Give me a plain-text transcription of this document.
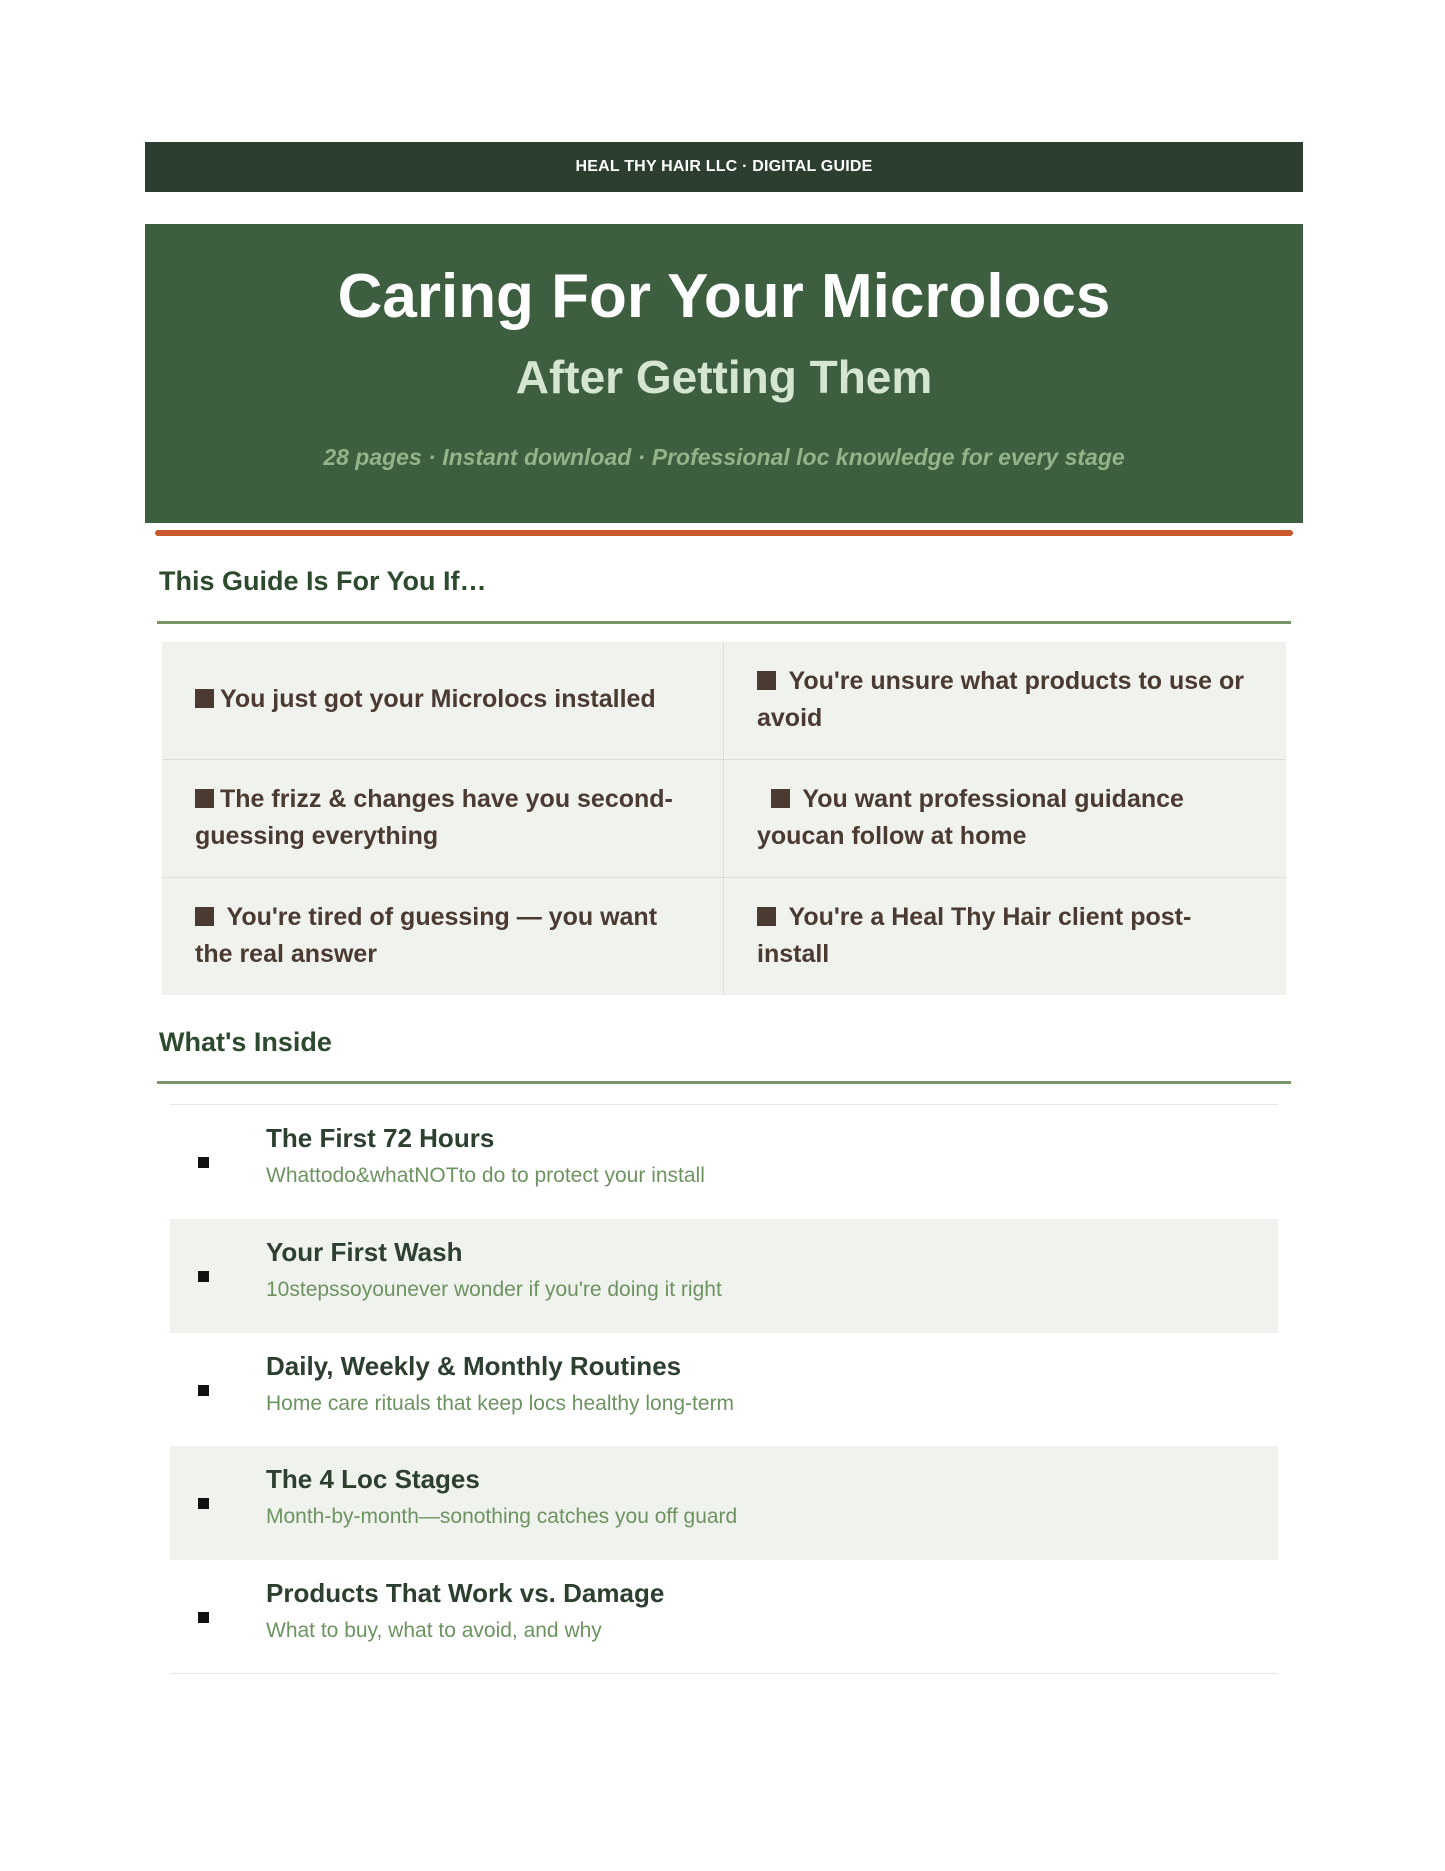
HEAL THY HAIR LLC · DIGITAL GUIDE
Caring For Your Microlocs
After Getting Them
28 pages · Instant download · Professional loc knowledge for every stage
This Guide Is For You If…
You just got your Microlocs installed
You're unsure what products to use or avoid
The frizz & changes have you second-guessing everything
You want professional guidance youcan follow at home
You're tired of guessing — you want the real answer
You're a Heal Thy Hair client post-install
What's Inside
The First 72 Hours
Whattodo&whatNOTto do to protect your install
Your First Wash
10stepssoyounever wonder if you're doing it right
Daily, Weekly & Monthly Routines
Home care rituals that keep locs healthy long-term
The 4 Loc Stages
Month-by-month—sonothing catches you off guard
Products That Work vs. Damage
What to buy, what to avoid, and why
